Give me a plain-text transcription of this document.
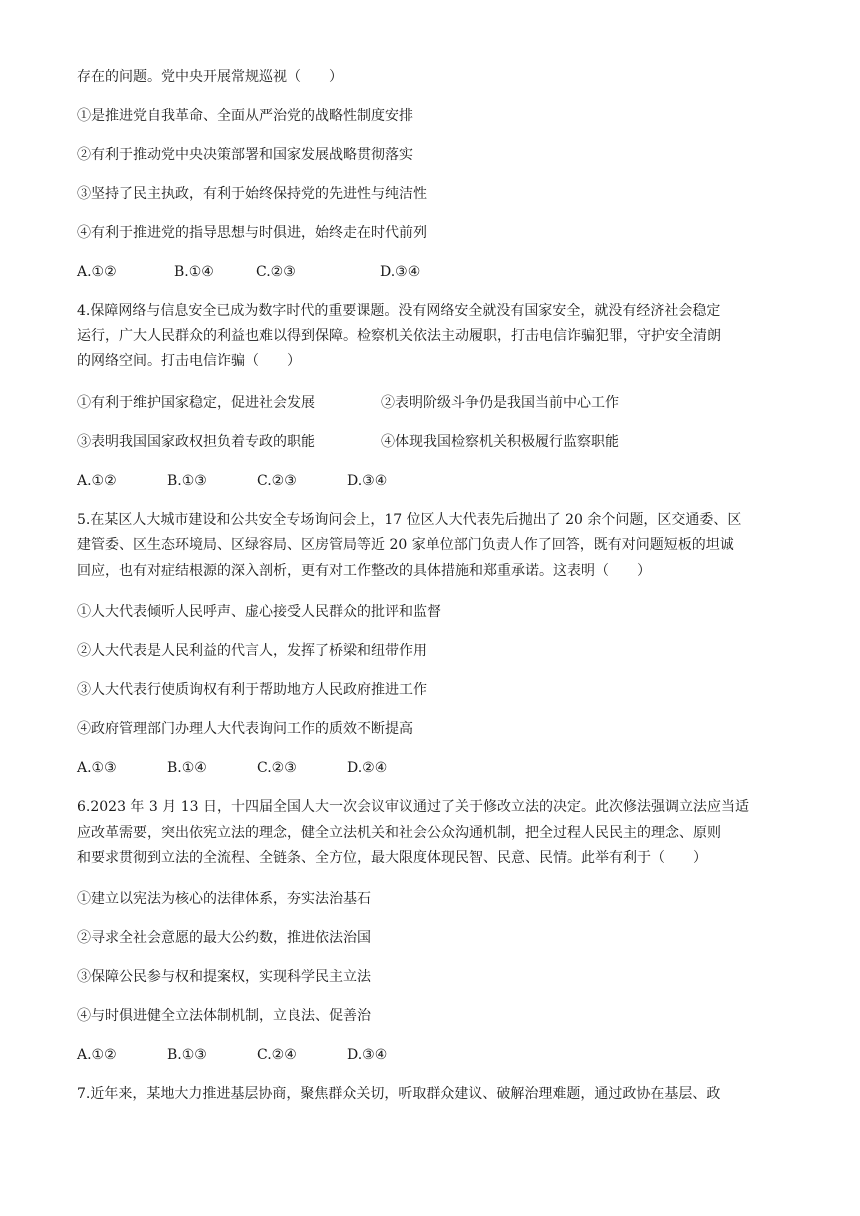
存在的问题。党中央开展常规巡视（　　）

①是推进党自我革命、全面从严治党的战略性制度安排

②有利于推动党中央决策部署和国家发展战略贯彻落实

③坚持了民主执政，有利于始终保持党的先进性与纯洁性

④有利于推进党的指导思想与时俱进，始终走在时代前列

A.①②	B.①④	C.②③	D.③④

4.保障网络与信息安全已成为数字时代的重要课题。没有网络安全就没有国家安全，就没有经济社会稳定

运行，广大人民群众的利益也难以得到保障。检察机关依法主动履职，打击电信诈骗犯罪，守护安全清朗

的网络空间。打击电信诈骗（　　）

①有利于维护国家稳定，促进社会发展	②表明阶级斗争仍是我国当前中心工作
③表明我国国家政权担负着专政的职能	④体现我国检察机关积极履行监察职能
A.①②	B.①③	C.②③	D.③④

5.在某区人大城市建设和公共安全专场询问会上，17 位区人大代表先后抛出了 20 余个问题，区交通委、区

建管委、区生态环境局、区绿容局、区房管局等近 20 家单位部门负责人作了回答，既有对问题短板的坦诚

回应，也有对症结根源的深入剖析，更有对工作整改的具体措施和郑重承诺。这表明（　　）

①人大代表倾听人民呼声、虚心接受人民群众的批评和监督

②人大代表是人民利益的代言人，发挥了桥梁和纽带作用

③人大代表行使质询权有利于帮助地方人民政府推进工作

④政府管理部门办理人大代表询问工作的质效不断提高

A.①③	B.①④	C.②③	D.②④

6.2023 年 3 月 13 日，十四届全国人大一次会议审议通过了关于修改立法的决定。此次修法强调立法应当适

应改革需要，突出依宪立法的理念，健全立法机关和社会公众沟通机制，把全过程人民民主的理念、原则

和要求贯彻到立法的全流程、全链条、全方位，最大限度体现民智、民意、民情。此举有利于（　　）

①建立以宪法为核心的法律体系，夯实法治基石

②寻求全社会意愿的最大公约数，推进依法治国

③保障公民参与权和提案权，实现科学民主立法

④与时俱进健全立法体制机制，立良法、促善治

A.①②	B.①③	C.②④	D.③④

7.近年来，某地大力推进基层协商，聚焦群众关切，听取群众建议、破解治理难题，通过政协在基层、政
